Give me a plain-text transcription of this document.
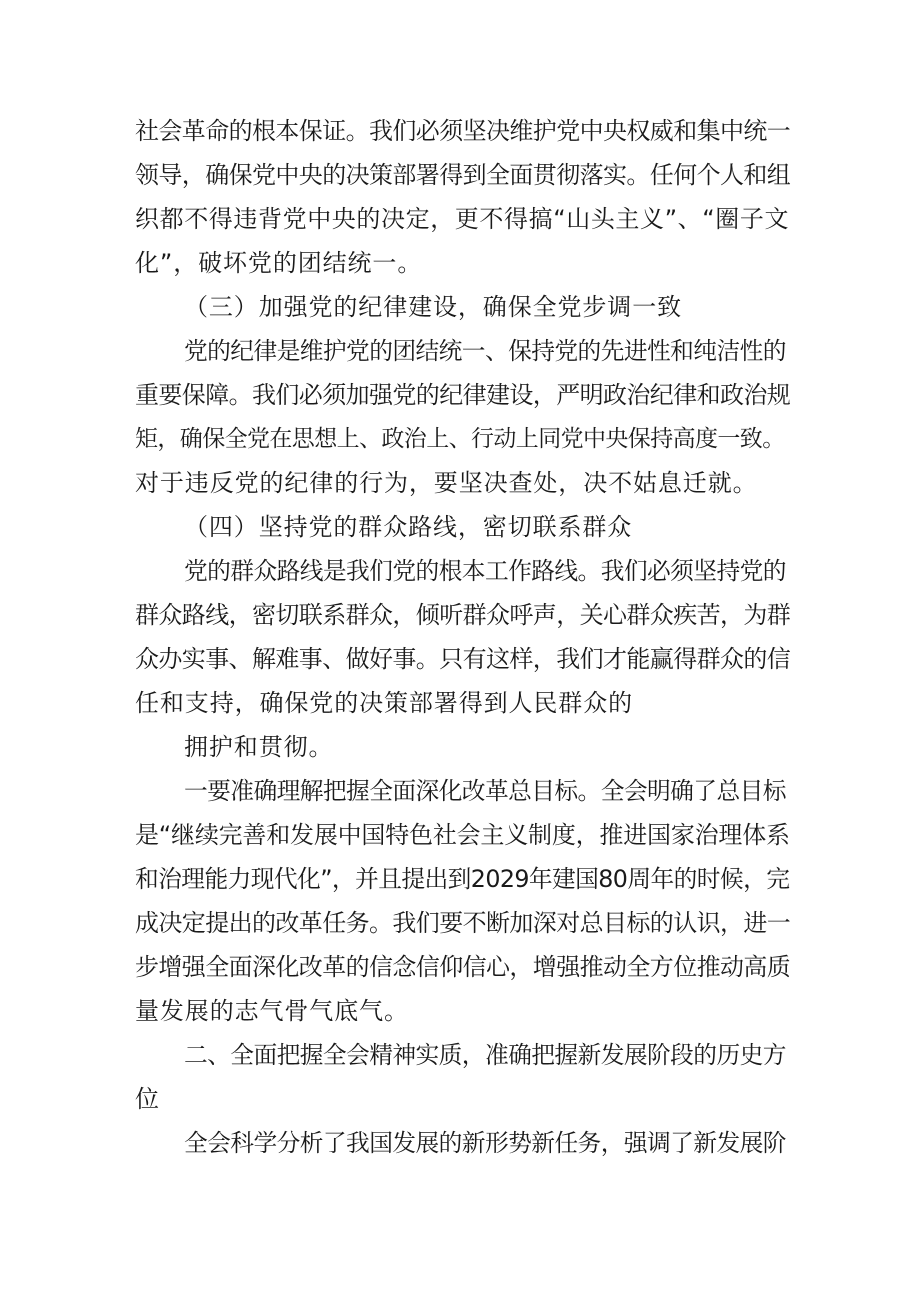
社会革命的根本保证。我们必须坚决维护党中央权威和集中统一
领导，确保党中央的决策部署得到全面贯彻落实。任何个人和组
织都不得违背党中央的决定，更不得搞“山头主义”、“圈子文
化”，破坏党的团结统一。
（三）加强党的纪律建设，确保全党步调一致
党的纪律是维护党的团结统一、保持党的先进性和纯洁性的
重要保障。我们必须加强党的纪律建设，严明政治纪律和政治规
矩，确保全党在思想上、政治上、行动上同党中央保持高度一致。
对于违反党的纪律的行为，要坚决查处，决不姑息迁就。
（四）坚持党的群众路线，密切联系群众
党的群众路线是我们党的根本工作路线。我们必须坚持党的
群众路线，密切联系群众，倾听群众呼声，关心群众疾苦，为群
众办实事、解难事、做好事。只有这样，我们才能赢得群众的信
任和支持，确保党的决策部署得到人民群众的
拥护和贯彻。
一要准确理解把握全面深化改革总目标。全会明确了总目标
是“继续完善和发展中国特色社会主义制度，推进国家治理体系
和治理能力现代化”，并且提出到2029年建国80周年的时候，完
成决定提出的改革任务。我们要不断加深对总目标的认识，进一
步增强全面深化改革的信念信仰信心，增强推动全方位推动高质
量发展的志气骨气底气。
二、全面把握全会精神实质，准确把握新发展阶段的历史方
位
全会科学分析了我国发展的新形势新任务，强调了新发展阶
